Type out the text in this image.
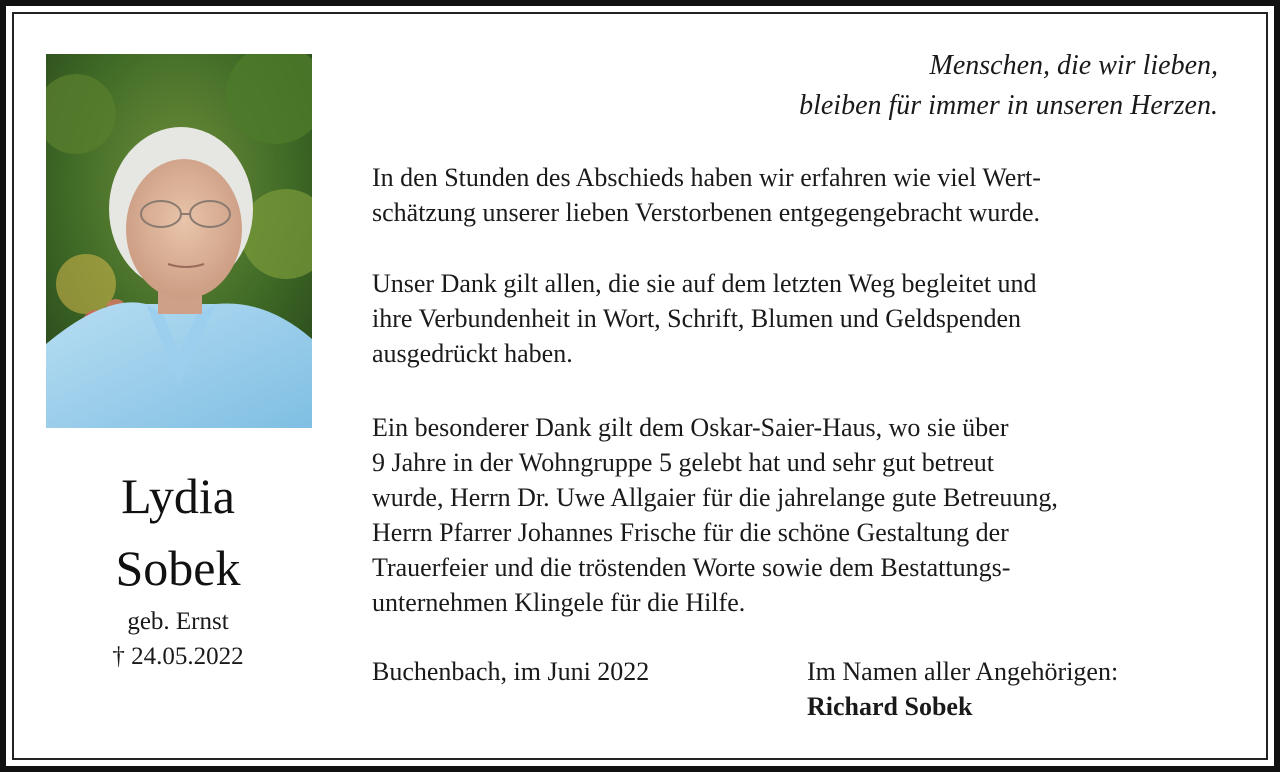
Lydia
Sobek
geb. Ernst
† 24.05.2022
Menschen, die wir lieben,
bleiben für immer in unseren Herzen.
In den Stunden des Abschieds haben wir erfahren wie viel Wert-
schätzung unserer lieben Verstorbenen entgegengebracht wurde.
Unser Dank gilt allen, die sie auf dem letzten Weg begleitet und
ihre Verbundenheit in Wort, Schrift, Blumen und Geldspenden
ausgedrückt haben.
Ein besonderer Dank gilt dem Oskar-Saier-Haus, wo sie über
9 Jahre in der Wohngruppe 5 gelebt hat und sehr gut betreut
wurde, Herrn Dr. Uwe Allgaier für die jahrelange gute Betreuung,
Herrn Pfarrer Johannes Frische für die schöne Gestaltung der
Trauerfeier und die tröstenden Worte sowie dem Bestattungs-
unternehmen Klingele für die Hilfe.
Buchenbach, im Juni 2022	Im Namen aller Angehörigen:
Richard Sobek
